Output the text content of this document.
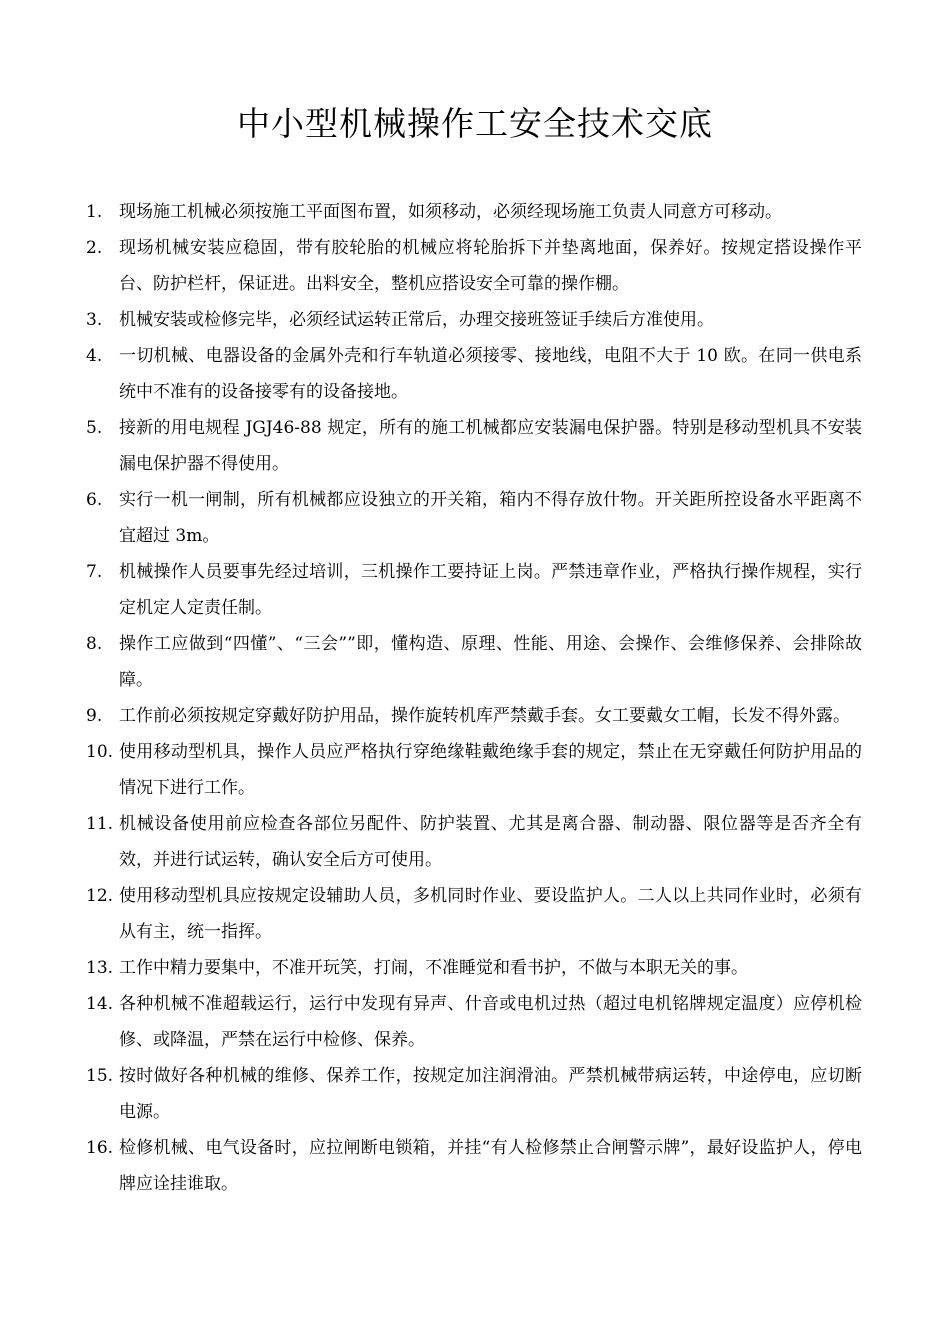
中小型机械操作工安全技术交底
1. 现场施工机械必须按施工平面图布置，如须移动，必须经现场施工负责人同意方可移动。
2. 现场机械安装应稳固，带有胶轮胎的机械应将轮胎拆下并垫离地面，保养好。按规定搭设操作平台、防护栏杆，保证进。出料安全，整机应搭设安全可靠的操作棚。
3. 机械安装或检修完毕，必须经试运转正常后，办理交接班签证手续后方准使用。
4. 一切机械、电器设备的金属外壳和行车轨道必须接零、接地线，电阻不大于 10 欧。在同一供电系统中不准有的设备接零有的设备接地。
5. 接新的用电规程 JGJ46-88 规定，所有的施工机械都应安装漏电保护器。特别是移动型机具不安装漏电保护器不得使用。
6. 实行一机一闸制，所有机械都应设独立的开关箱，箱内不得存放什物。开关距所控设备水平距离不宜超过 3m。
7. 机械操作人员要事先经过培训，三机操作工要持证上岗。严禁违章作业，严格执行操作规程，实行定机定人定责任制。
8. 操作工应做到“四懂”、“三会””即，懂构造、原理、性能、用途、会操作、会维修保养、会排除故障。
9. 工作前必须按规定穿戴好防护用品，操作旋转机库严禁戴手套。女工要戴女工帽，长发不得外露。
10. 使用移动型机具，操作人员应严格执行穿绝缘鞋戴绝缘手套的规定，禁止在无穿戴任何防护用品的情况下进行工作。
11. 机械设备使用前应检查各部位另配件、防护装置、尤其是离合器、制动器、限位器等是否齐全有效，并进行试运转，确认安全后方可使用。
12. 使用移动型机具应按规定设辅助人员，多机同时作业、要设监护人。二人以上共同作业时，必须有从有主，统一指挥。
13. 工作中精力要集中，不准开玩笑，打闹，不准睡觉和看书护，不做与本职无关的事。
14. 各种机械不准超载运行，运行中发现有异声、什音或电机过热（超过电机铭牌规定温度）应停机检修、或降温，严禁在运行中检修、保养。
15. 按时做好各种机械的维修、保养工作，按规定加注润滑油。严禁机械带病运转，中途停电，应切断电源。
16. 检修机械、电气设备时，应拉闸断电锁箱，并挂“有人检修禁止合闸警示牌”，最好设监护人，停电牌应诠挂谁取。
